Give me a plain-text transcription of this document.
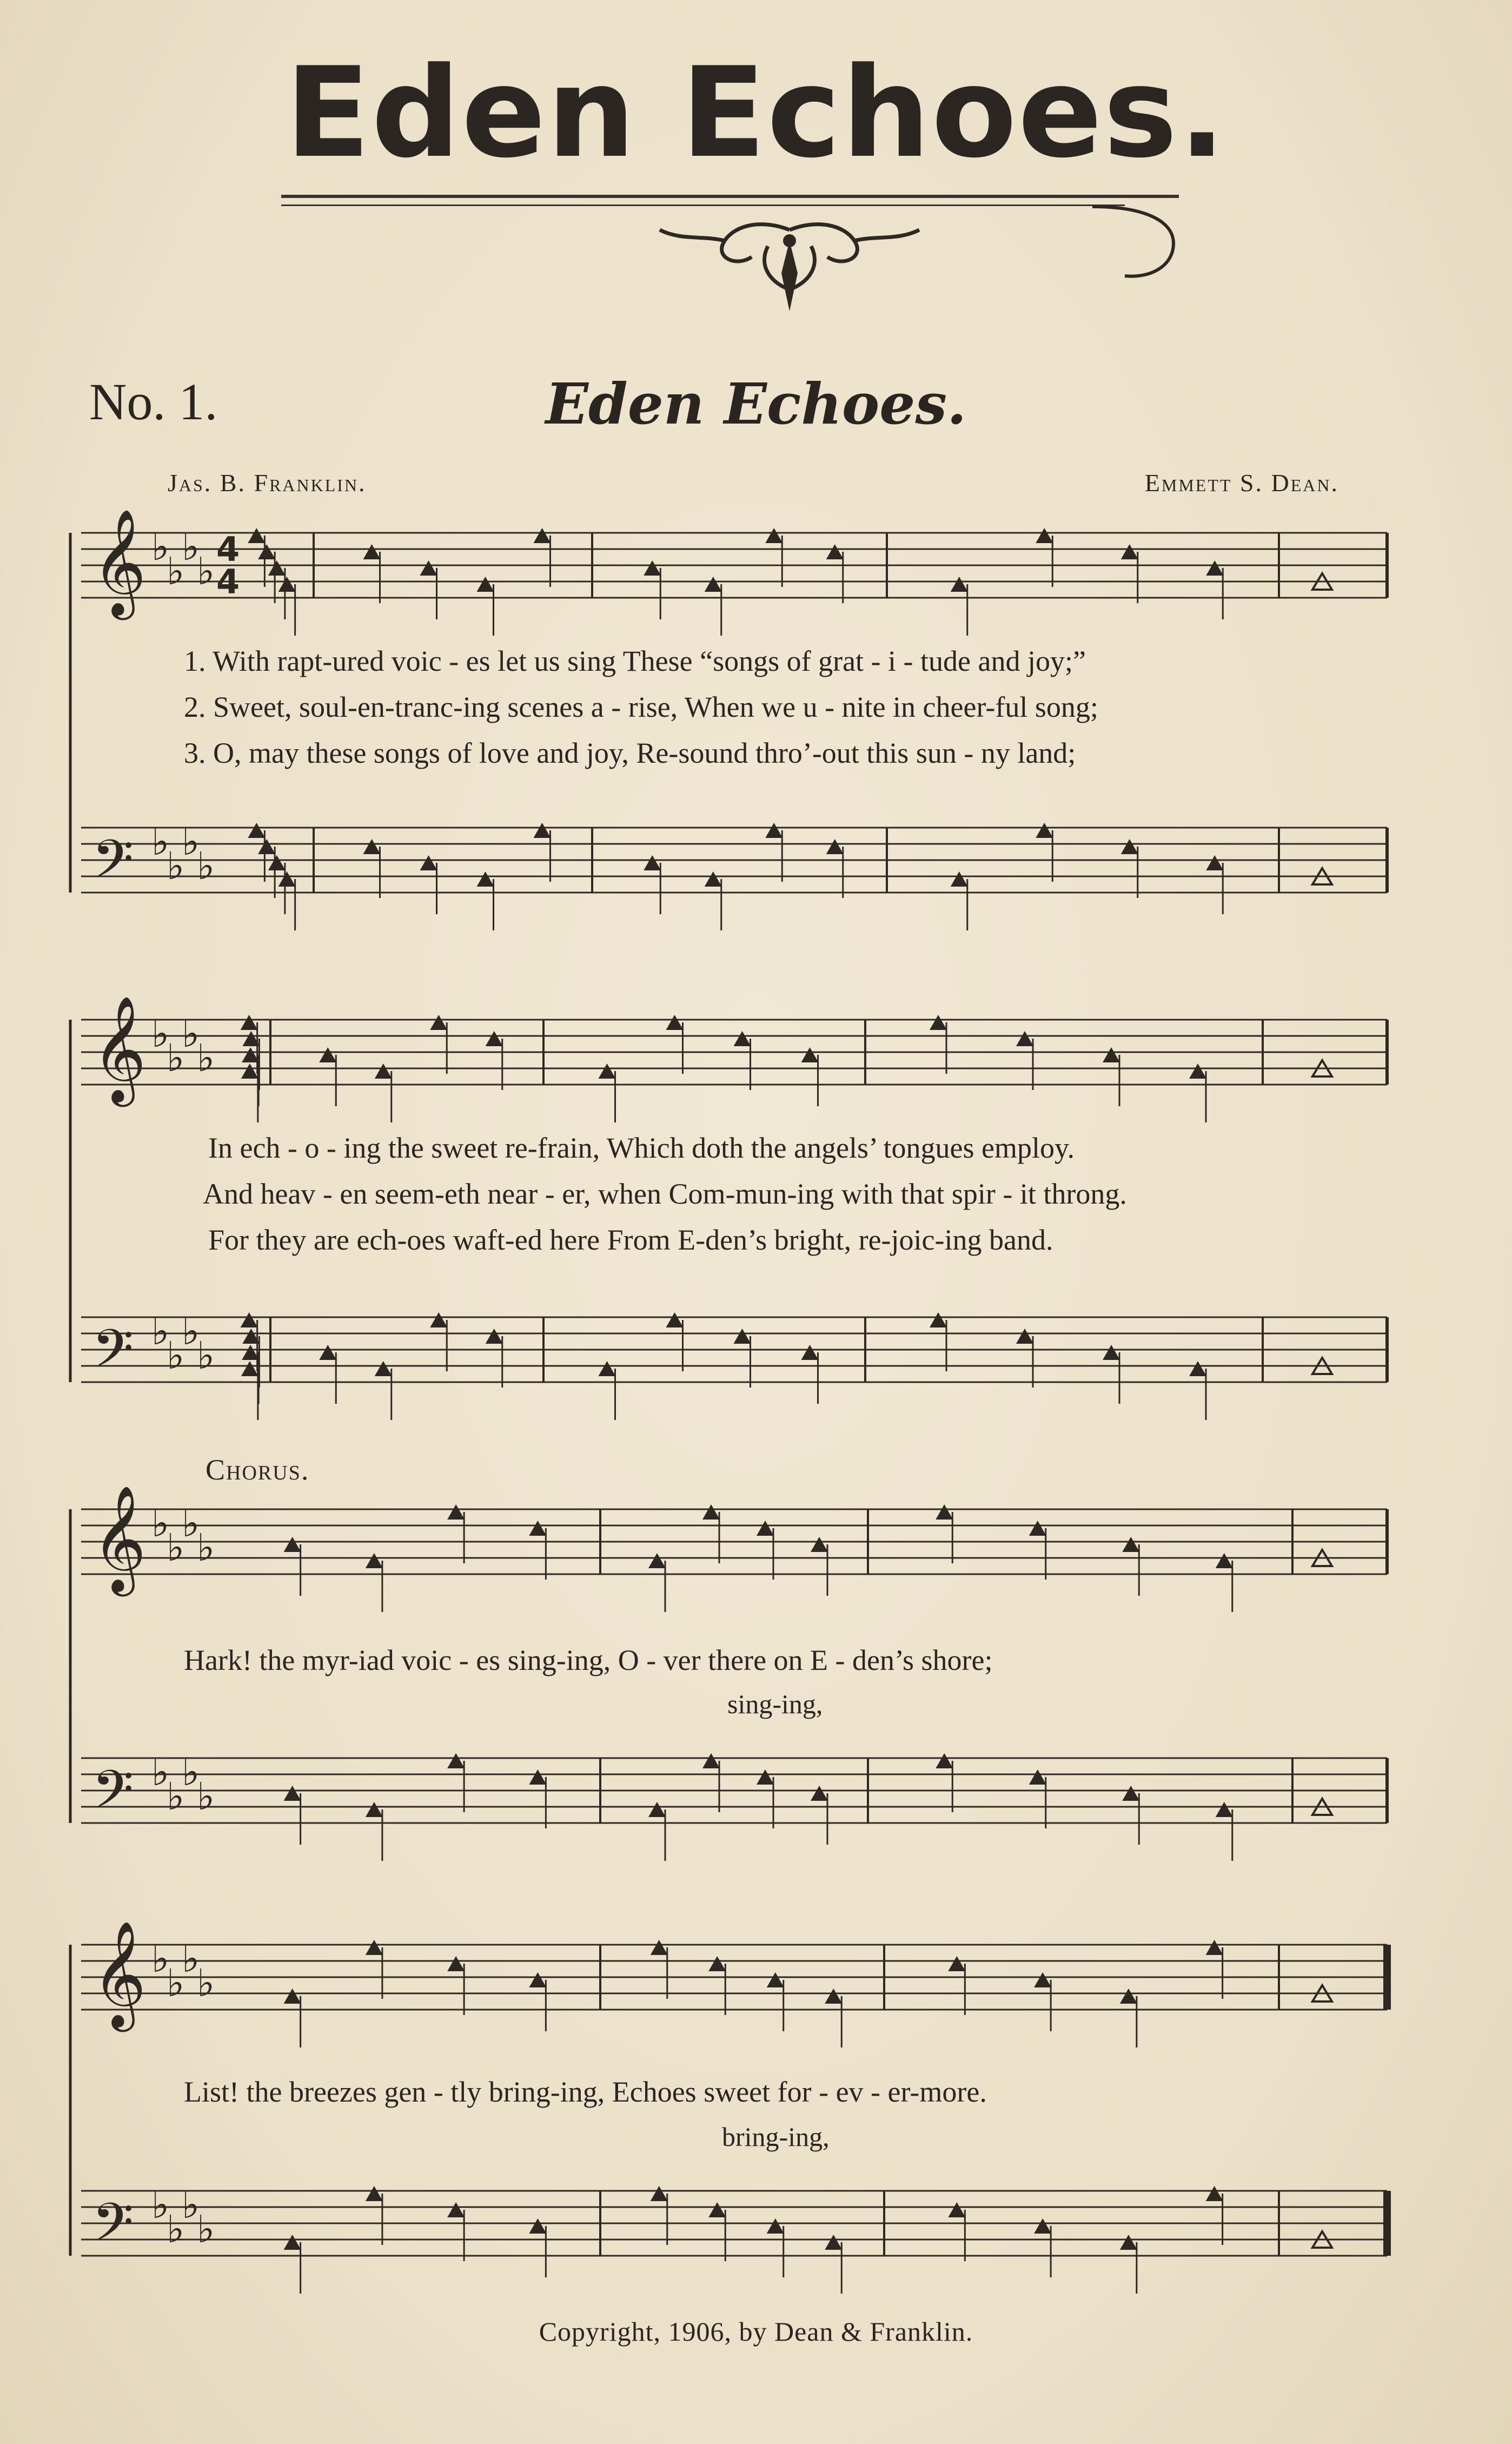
Eden Echoes.
No. 1.	Eden Echoes.
Jas. B. Franklin.	Emmett S. Dean.
𝄞 ♭
♭
♭
♭
𝄢 ♭
♭
♭
♭
𝄞 ♭
♭
♭
♭
𝄢 ♭
♭
♭
♭
𝄞 ♭
♭
♭
♭
𝄢 ♭
♭
♭
♭
𝄞 ♭
♭
♭
♭
𝄢 ♭
♭
♭
♭
4
4
1. With rapt-ured voic - es let us sing These “songs of grat - i - tude and joy;”
2. Sweet, soul-en-tranc-ing scenes a - rise, When we u - nite in cheer-ful song;
3. O, may these songs of love and joy, Re-sound thro’-out this sun - ny land;
In ech - o - ing the sweet re-frain, Which doth the angels’ tongues employ.
And heav - en seem-eth near - er, when Com-mun-ing with that spir - it throng.
For they are ech-oes waft-ed here From E-den’s bright, re-joic-ing band.
Chorus.
Hark! the myr-iad voic - es sing-ing, O - ver there on E - den’s shore;
sing-ing,
List! the breezes gen - tly bring-ing, Echoes sweet for - ev - er-more.
bring-ing,
Copyright, 1906, by Dean & Franklin.
